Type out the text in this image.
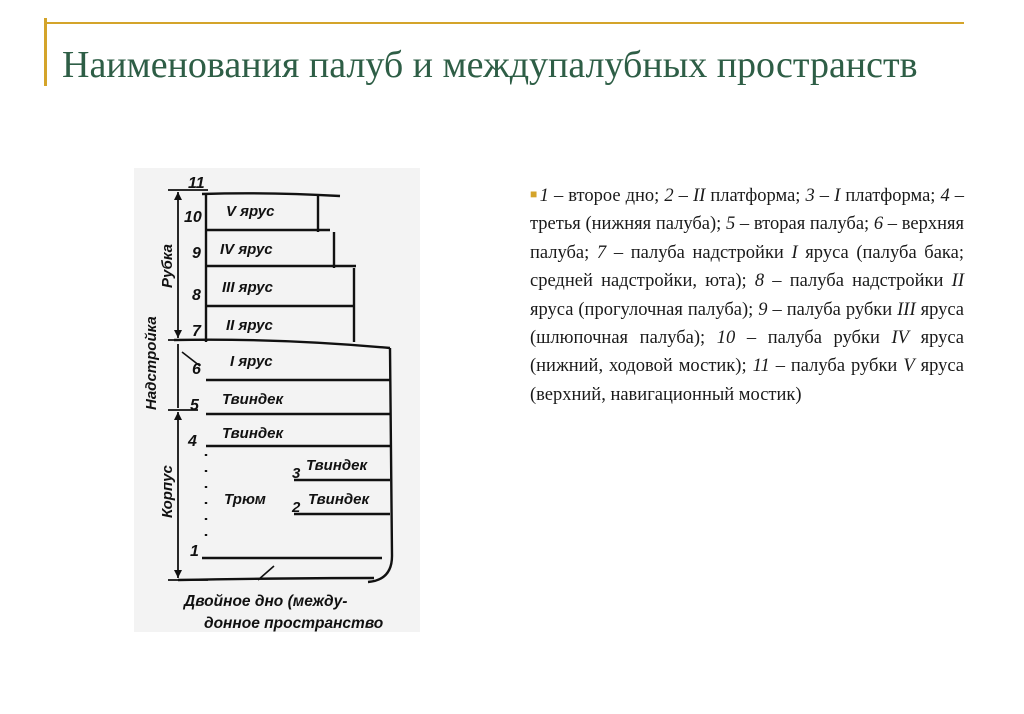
Наименования палуб и междупалубных пространств
11
10
9
8
7
6
5
4
3
2
1
V ярус
IV ярус
III ярус
II ярус
I ярус
Твиндек
Твиндек
Твиндек
Твиндек
Трюм
Рубка
Надстройка
Корпус
Двойное дно (междy-
донное пространство
■ 1 – второе дно; 2 – II платформа; 3 – I платформа; 4 – третья (нижняя палуба); 5 – вторая палуба; 6 – верхняя палуба; 7 – палуба надстройки I яруса (палуба бака; средней надстройки, юта); 8 – палуба надстройки II яруса (прогулочная палуба); 9 – палуба рубки III яруса (шлюпочная палуба); 10 – палуба рубки IV яруса (нижний, ходовой мостик); 11 – палуба рубки V яруса (верхний, навигационный мостик)
